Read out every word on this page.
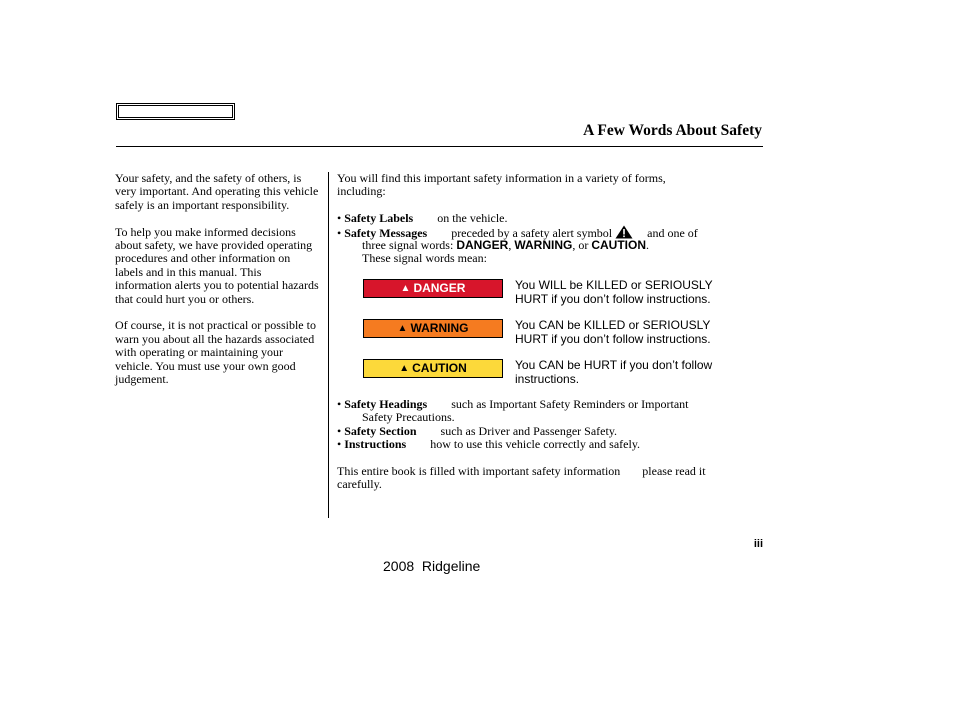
A Few Words About Safety

Your safety, and the safety of others, is very important. And operating this vehicle safely is an important responsibility.

To help you make informed decisions about safety, we have provided operating procedures and other information on labels and in this manual. This information alerts you to potential hazards that could hurt you or others.

Of course, it is not practical or possible to warn you about all the hazards associated with operating or maintaining your vehicle. You must use your own good judgement.

You will find this important safety information in a variety of forms,
including:
• Safety Labels on the vehicle.
• Safety Messages preceded by a safety alert symbol	and one of
three signal words: DANGER, WARNING, or CAUTION.
These signal words mean:
▲ DANGER	You WILL be KILLED or SERIOUSLY
HURT if you don’t follow instructions.
▲ WARNING	You CAN be KILLED or SERIOUSLY
HURT if you don’t follow instructions.
▲ CAUTION	You CAN be HURT if you don’t follow
instructions.
• Safety Headings such as Important Safety Reminders or Important
Safety Precautions.
• Safety Section such as Driver and Passenger Safety.
• Instructions how to use this vehicle correctly and safely.
This entire book is filled with important safety information please read it
carefully.
iii
2008  Ridgeline
